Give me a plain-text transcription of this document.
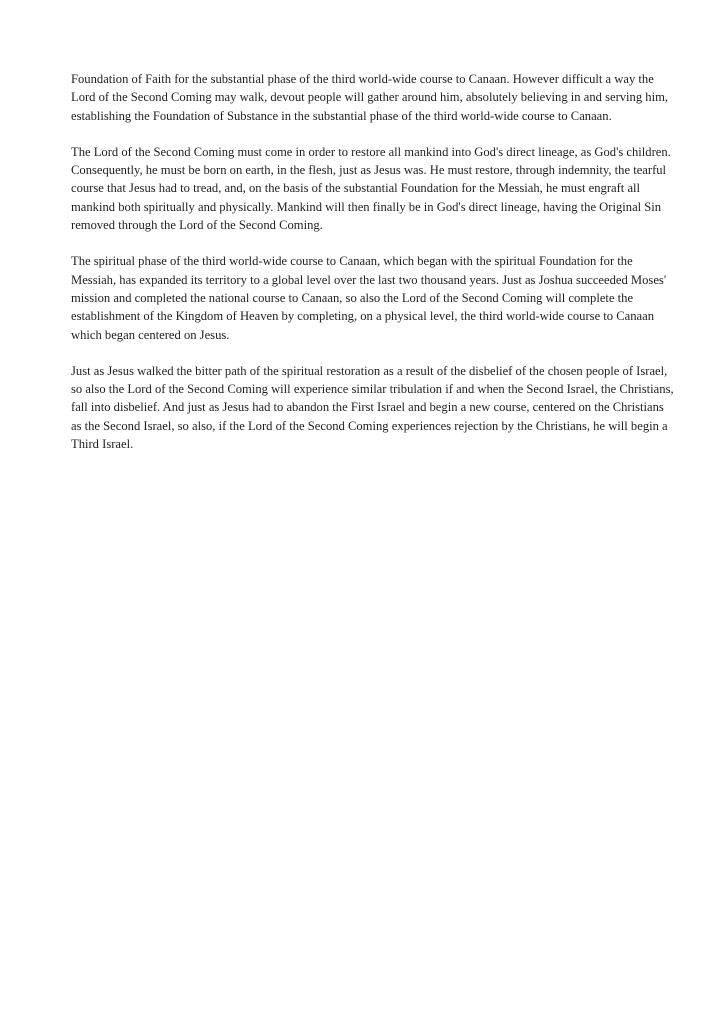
Foundation of Faith for the substantial phase of the third world-wide course to Canaan. However difficult a way the Lord of the Second Coming may walk, devout people will gather around him, absolutely believing in and serving him, establishing the Foundation of Substance in the substantial phase of the third world-wide course to Canaan.

The Lord of the Second Coming must come in order to restore all mankind into God's direct lineage, as God's children. Consequently, he must be born on earth, in the flesh, just as Jesus was. He must restore, through indemnity, the tearful course that Jesus had to tread, and, on the basis of the substantial Foundation for the Messiah, he must engraft all mankind both spiritually and physically. Mankind will then finally be in God's direct lineage, having the Original Sin removed through the Lord of the Second Coming.

The spiritual phase of the third world-wide course to Canaan, which began with the spiritual Foundation for the Messiah, has expanded its territory to a global level over the last two thousand years. Just as Joshua succeeded Moses' mission and completed the national course to Canaan, so also the Lord of the Second Coming will complete the establishment of the Kingdom of Heaven by completing, on a physical level, the third world-wide course to Canaan which began centered on Jesus.

Just as Jesus walked the bitter path of the spiritual restoration as a result of the disbelief of the chosen people of Israel, so also the Lord of the Second Coming will experience similar tribulation if and when the Second Israel, the Christians, fall into disbelief. And just as Jesus had to abandon the First Israel and begin a new course, centered on the Christians as the Second Israel, so also, if the Lord of the Second Coming experiences rejection by the Christians, he will begin a Third Israel.
